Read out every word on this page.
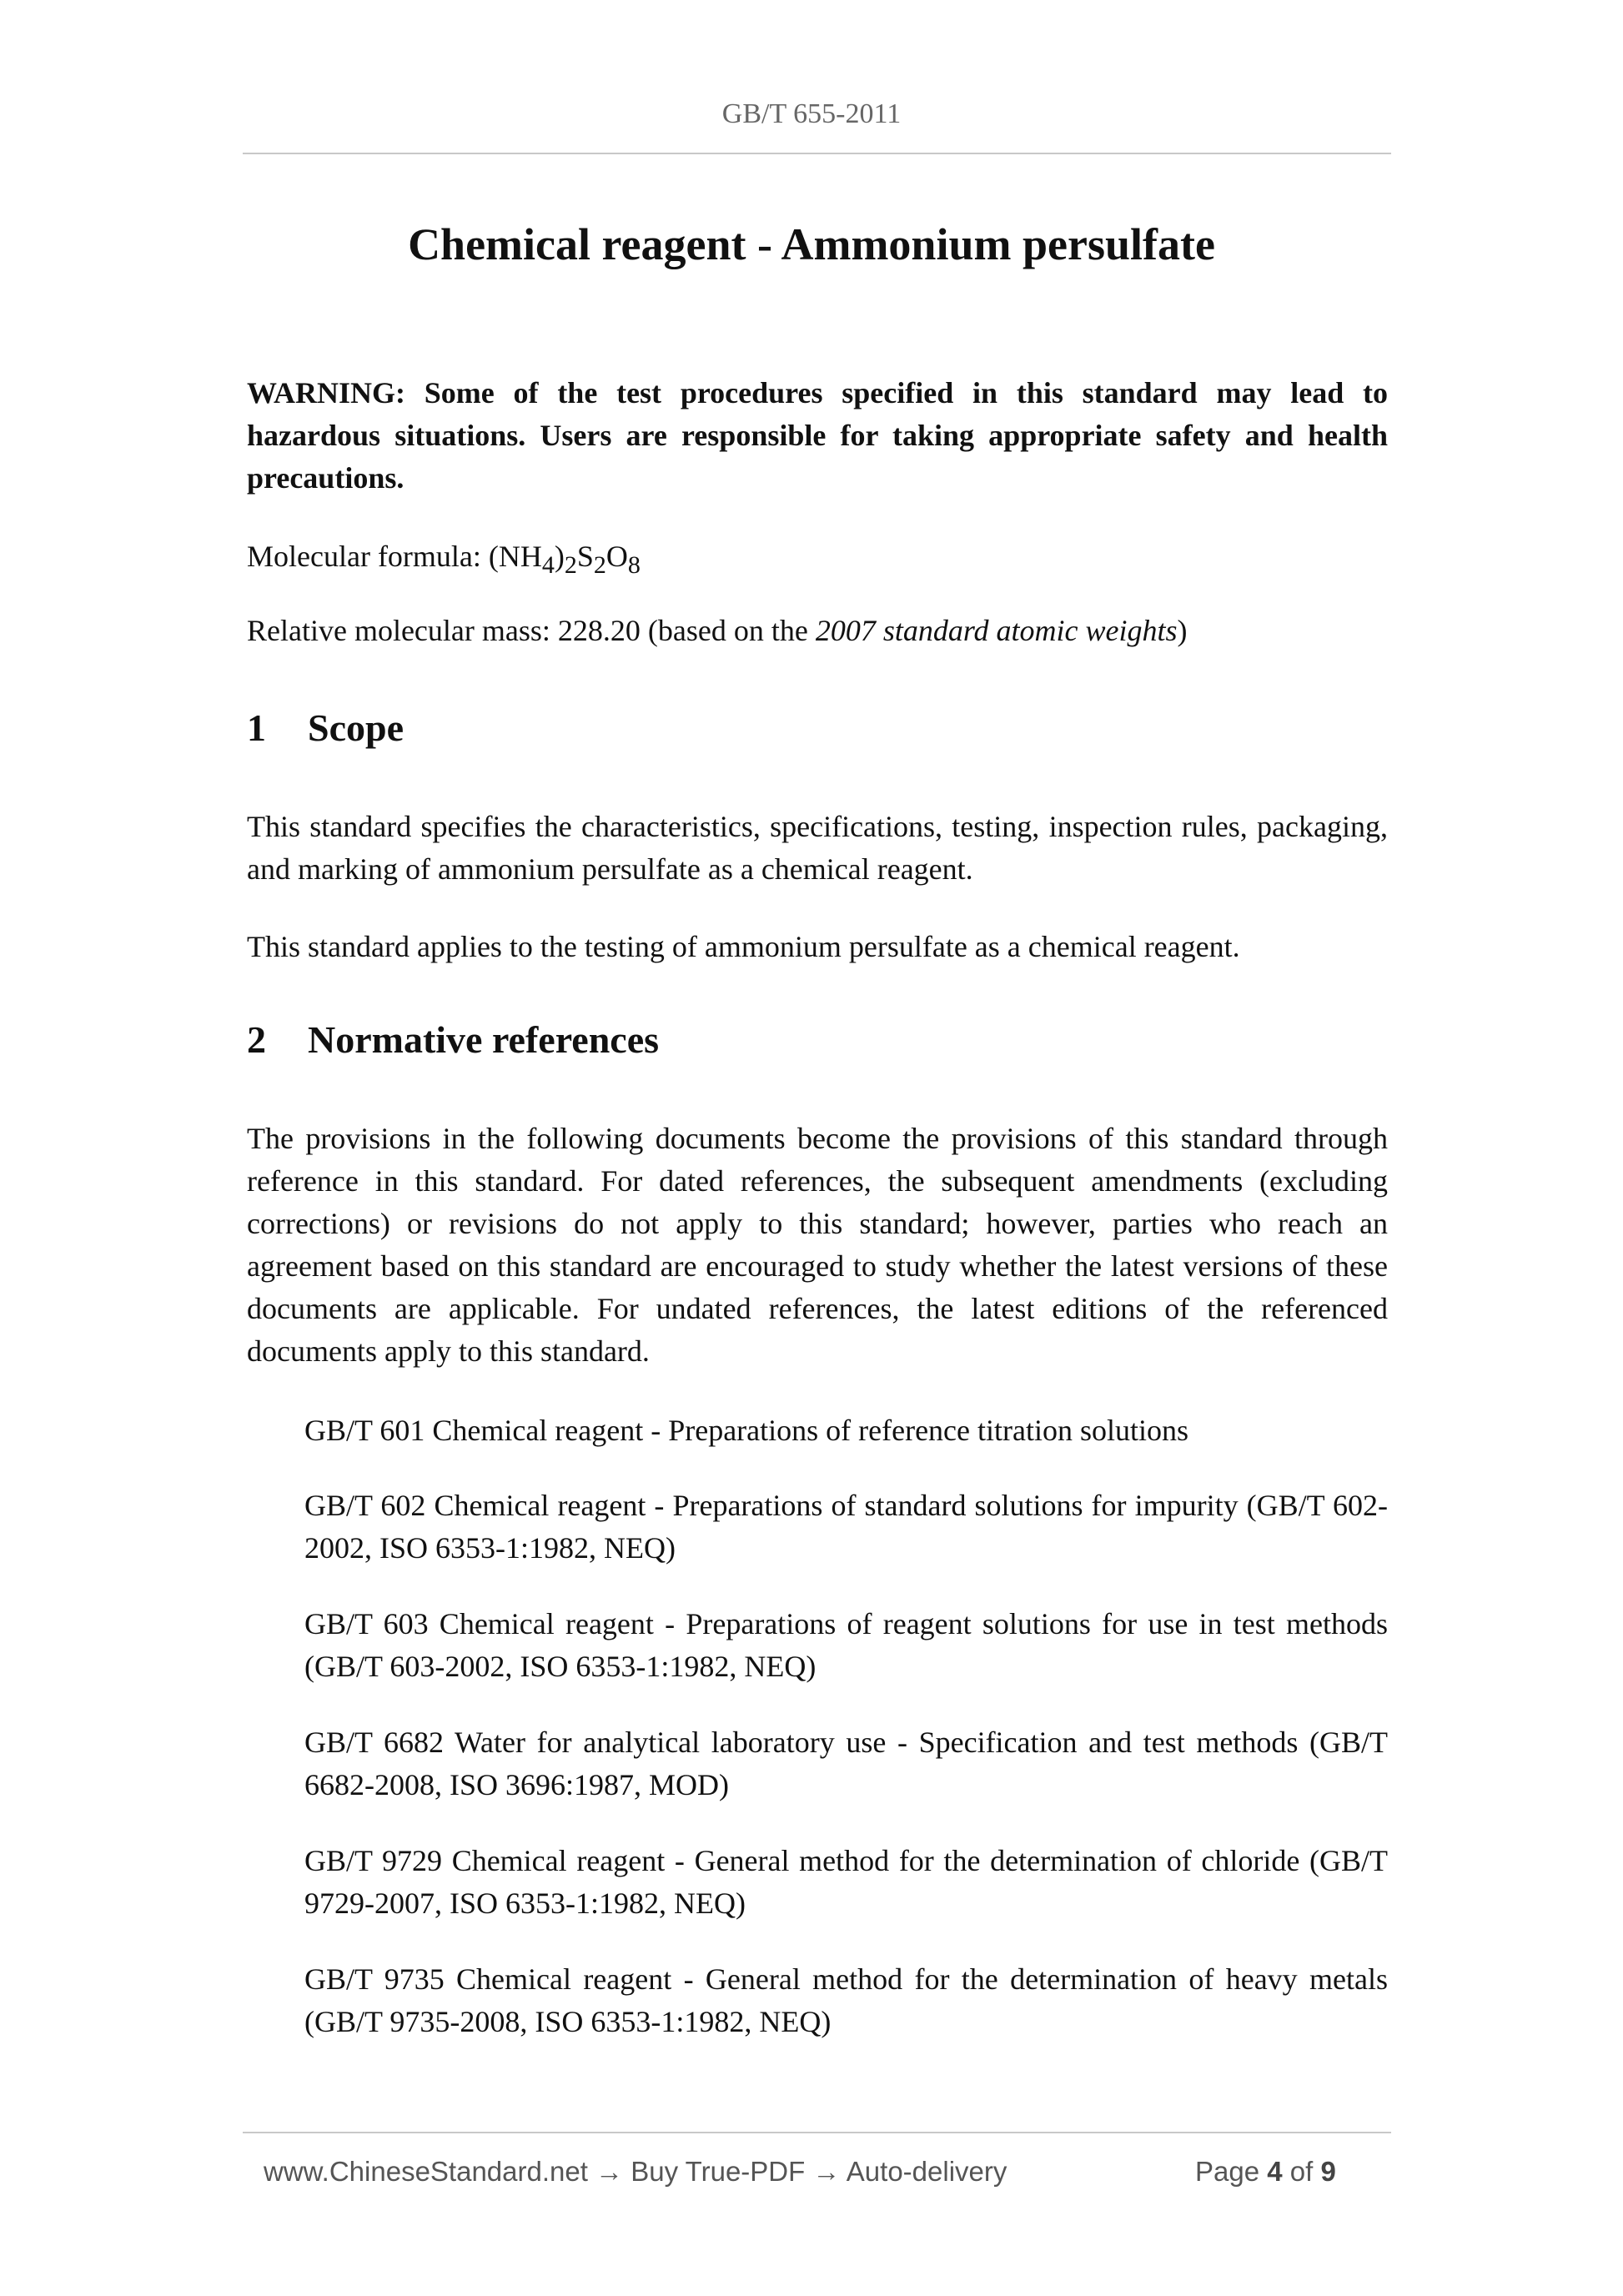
GB/T 655-2011
Chemical reagent - Ammonium persulfate
WARNING: Some of the test procedures specified in this standard may lead to hazardous situations. Users are responsible for taking appropriate safety and health precautions.
Molecular formula: $(NH_4)_2S_2O_8$
Relative molecular mass: 228.20 (based on the 2007 standard atomic weights)
1 Scope
This standard specifies the characteristics, specifications, testing, inspection rules, packaging, and marking of ammonium persulfate as a chemical reagent.
This standard applies to the testing of ammonium persulfate as a chemical reagent.
2 Normative references
The provisions in the following documents become the provisions of this standard through reference in this standard. For dated references, the subsequent amendments (excluding corrections) or revisions do not apply to this standard; however, parties who reach an agreement based on this standard are encouraged to study whether the latest versions of these documents are applicable. For undated references, the latest editions of the referenced documents apply to this standard.
GB/T 601 Chemical reagent - Preparations of reference titration solutions
GB/T 602 Chemical reagent - Preparations of standard solutions for impurity (GB/T 602-2002, ISO 6353-1:1982, NEQ)
GB/T 603 Chemical reagent - Preparations of reagent solutions for use in test methods (GB/T 603-2002, ISO 6353-1:1982, NEQ)
GB/T 6682 Water for analytical laboratory use - Specification and test methods (GB/T 6682-2008, ISO 3696:1987, MOD)
GB/T 9729 Chemical reagent - General method for the determination of chloride (GB/T 9729-2007, ISO 6353-1:1982, NEQ)
GB/T 9735 Chemical reagent - General method for the determination of heavy metals (GB/T 9735-2008, ISO 6353-1:1982, NEQ)
www.ChineseStandard.net → Buy True-PDF → Auto-delivery	Page 4 of 9
